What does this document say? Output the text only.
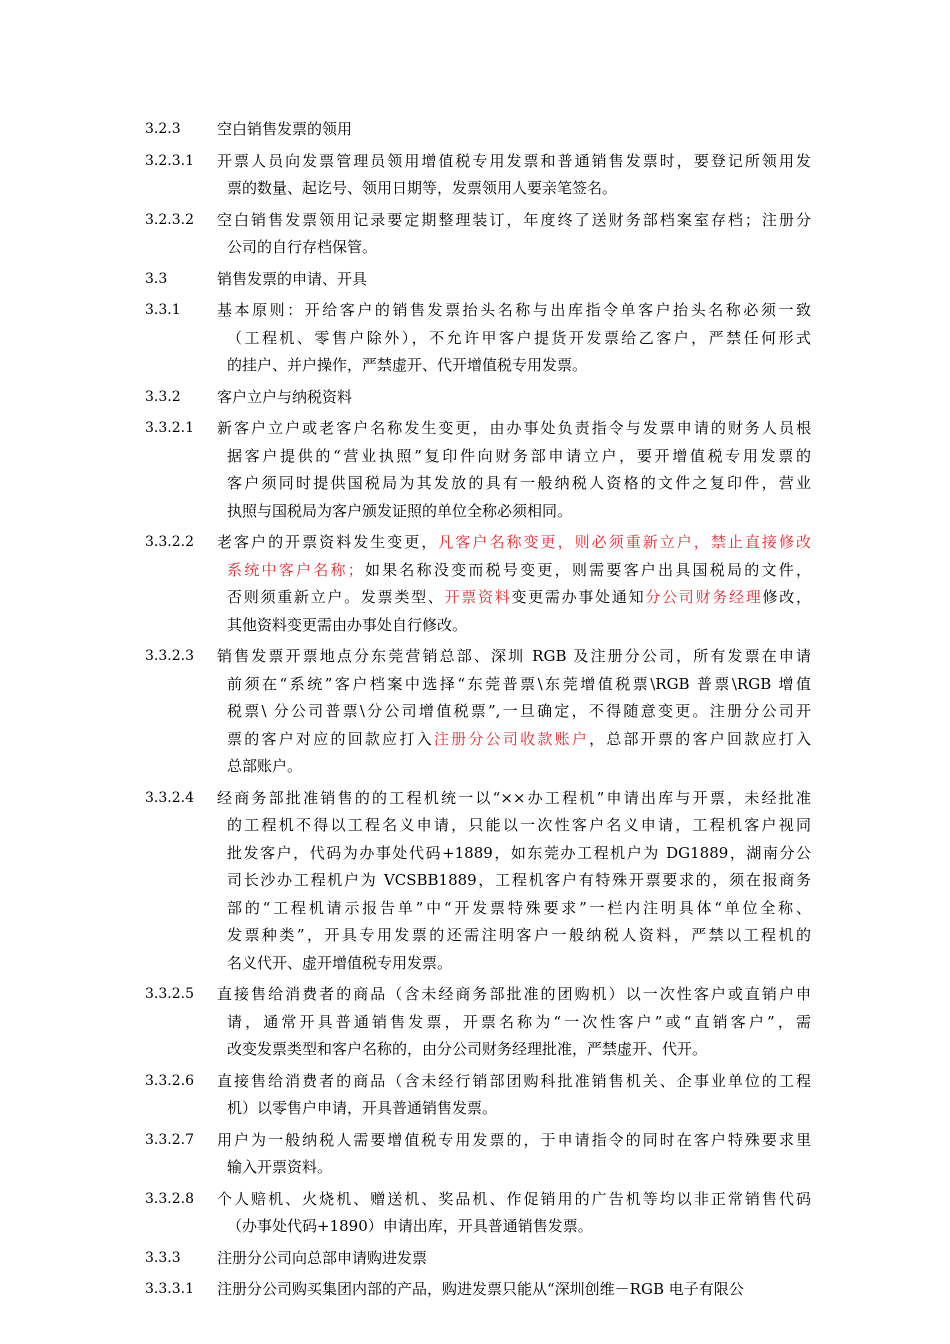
3.2.3 空白销售发票的领用
3.2.3.1 开票人员向发票管理员领用增值税专用发票和普通销售发票时，要登记所领用发
票的数量、起讫号、领用日期等，发票领用人要亲笔签名。
3.2.3.2 空白销售发票领用记录要定期整理装订，年度终了送财务部档案室存档；注册分
公司的自行存档保管。
3.3	销售发票的申请、开具
3.3.1 基本原则：开给客户的销售发票抬头名称与出库指令单客户抬头名称必须一致
（工程机、零售户除外），不允许甲客户提货开发票给乙客户，严禁任何形式
的挂户、并户操作，严禁虚开、代开增值税专用发票。
3.3.2 客户立户与纳税资料
3.3.2.1 新客户立户或老客户名称发生变更，由办事处负责指令与发票申请的财务人员根
据客户提供的“营业执照”复印件向财务部申请立户，要开增值税专用发票的
客户须同时提供国税局为其发放的具有一般纳税人资格的文件之复印件，营业
执照与国税局为客户颁发证照的单位全称必须相同。
3.3.2.2 老客户的开票资料发生变更，凡客户名称变更，则必须重新立户，禁止直接修改
系统中客户名称；如果名称没变而税号变更，则需要客户出具国税局的文件，
否则须重新立户。发票类型、开票资料变更需办事处通知分公司财务经理修改，
其他资料变更需由办事处自行修改。
3.3.2.3 销售发票开票地点分东莞营销总部、深圳 RGB 及注册分公司，所有发票在申请
前须在“系统”客户档案中选择“东莞普票\东莞增值税票\RGB 普票\RGB 增值
税票\ 分公司普票\分公司增值税票”,一旦确定，不得随意变更。注册分公司开
票的客户对应的回款应打入注册分公司收款账户，总部开票的客户回款应打入
总部账户。
3.3.2.4 经商务部批准销售的的工程机统一以“××办工程机”申请出库与开票，未经批准
的工程机不得以工程名义申请，只能以一次性客户名义申请，工程机客户视同
批发客户，代码为办事处代码+1889，如东莞办工程机户为 DG1889，湖南分公
司长沙办工程机户为 VCSBB1889，工程机客户有特殊开票要求的，须在报商务
部的“工程机请示报告单”中“开发票特殊要求”一栏内注明具体“单位全称、
发票种类”，开具专用发票的还需注明客户一般纳税人资料，严禁以工程机的
名义代开、虚开增值税专用发票。
3.3.2.5 直接售给消费者的商品（含未经商务部批准的团购机）以一次性客户或直销户申
请，通常开具普通销售发票，开票名称为“一次性客户”或“直销客户”，需
改变发票类型和客户名称的，由分公司财务经理批准，严禁虚开、代开。
3.3.2.6 直接售给消费者的商品（含未经行销部团购科批准销售机关、企事业单位的工程
机）以零售户申请，开具普通销售发票。
3.3.2.7 用户为一般纳税人需要增值税专用发票的，于申请指令的同时在客户特殊要求里
输入开票资料。
3.3.2.8 个人赔机、火烧机、赠送机、奖品机、作促销用的广告机等均以非正常销售代码
（办事处代码+1890）申请出库，开具普通销售发票。
3.3.3 注册分公司向总部申请购进发票
3.3.3.1 注册分公司购买集团内部的产品，购进发票只能从“深圳创维－RGB 电子有限公
